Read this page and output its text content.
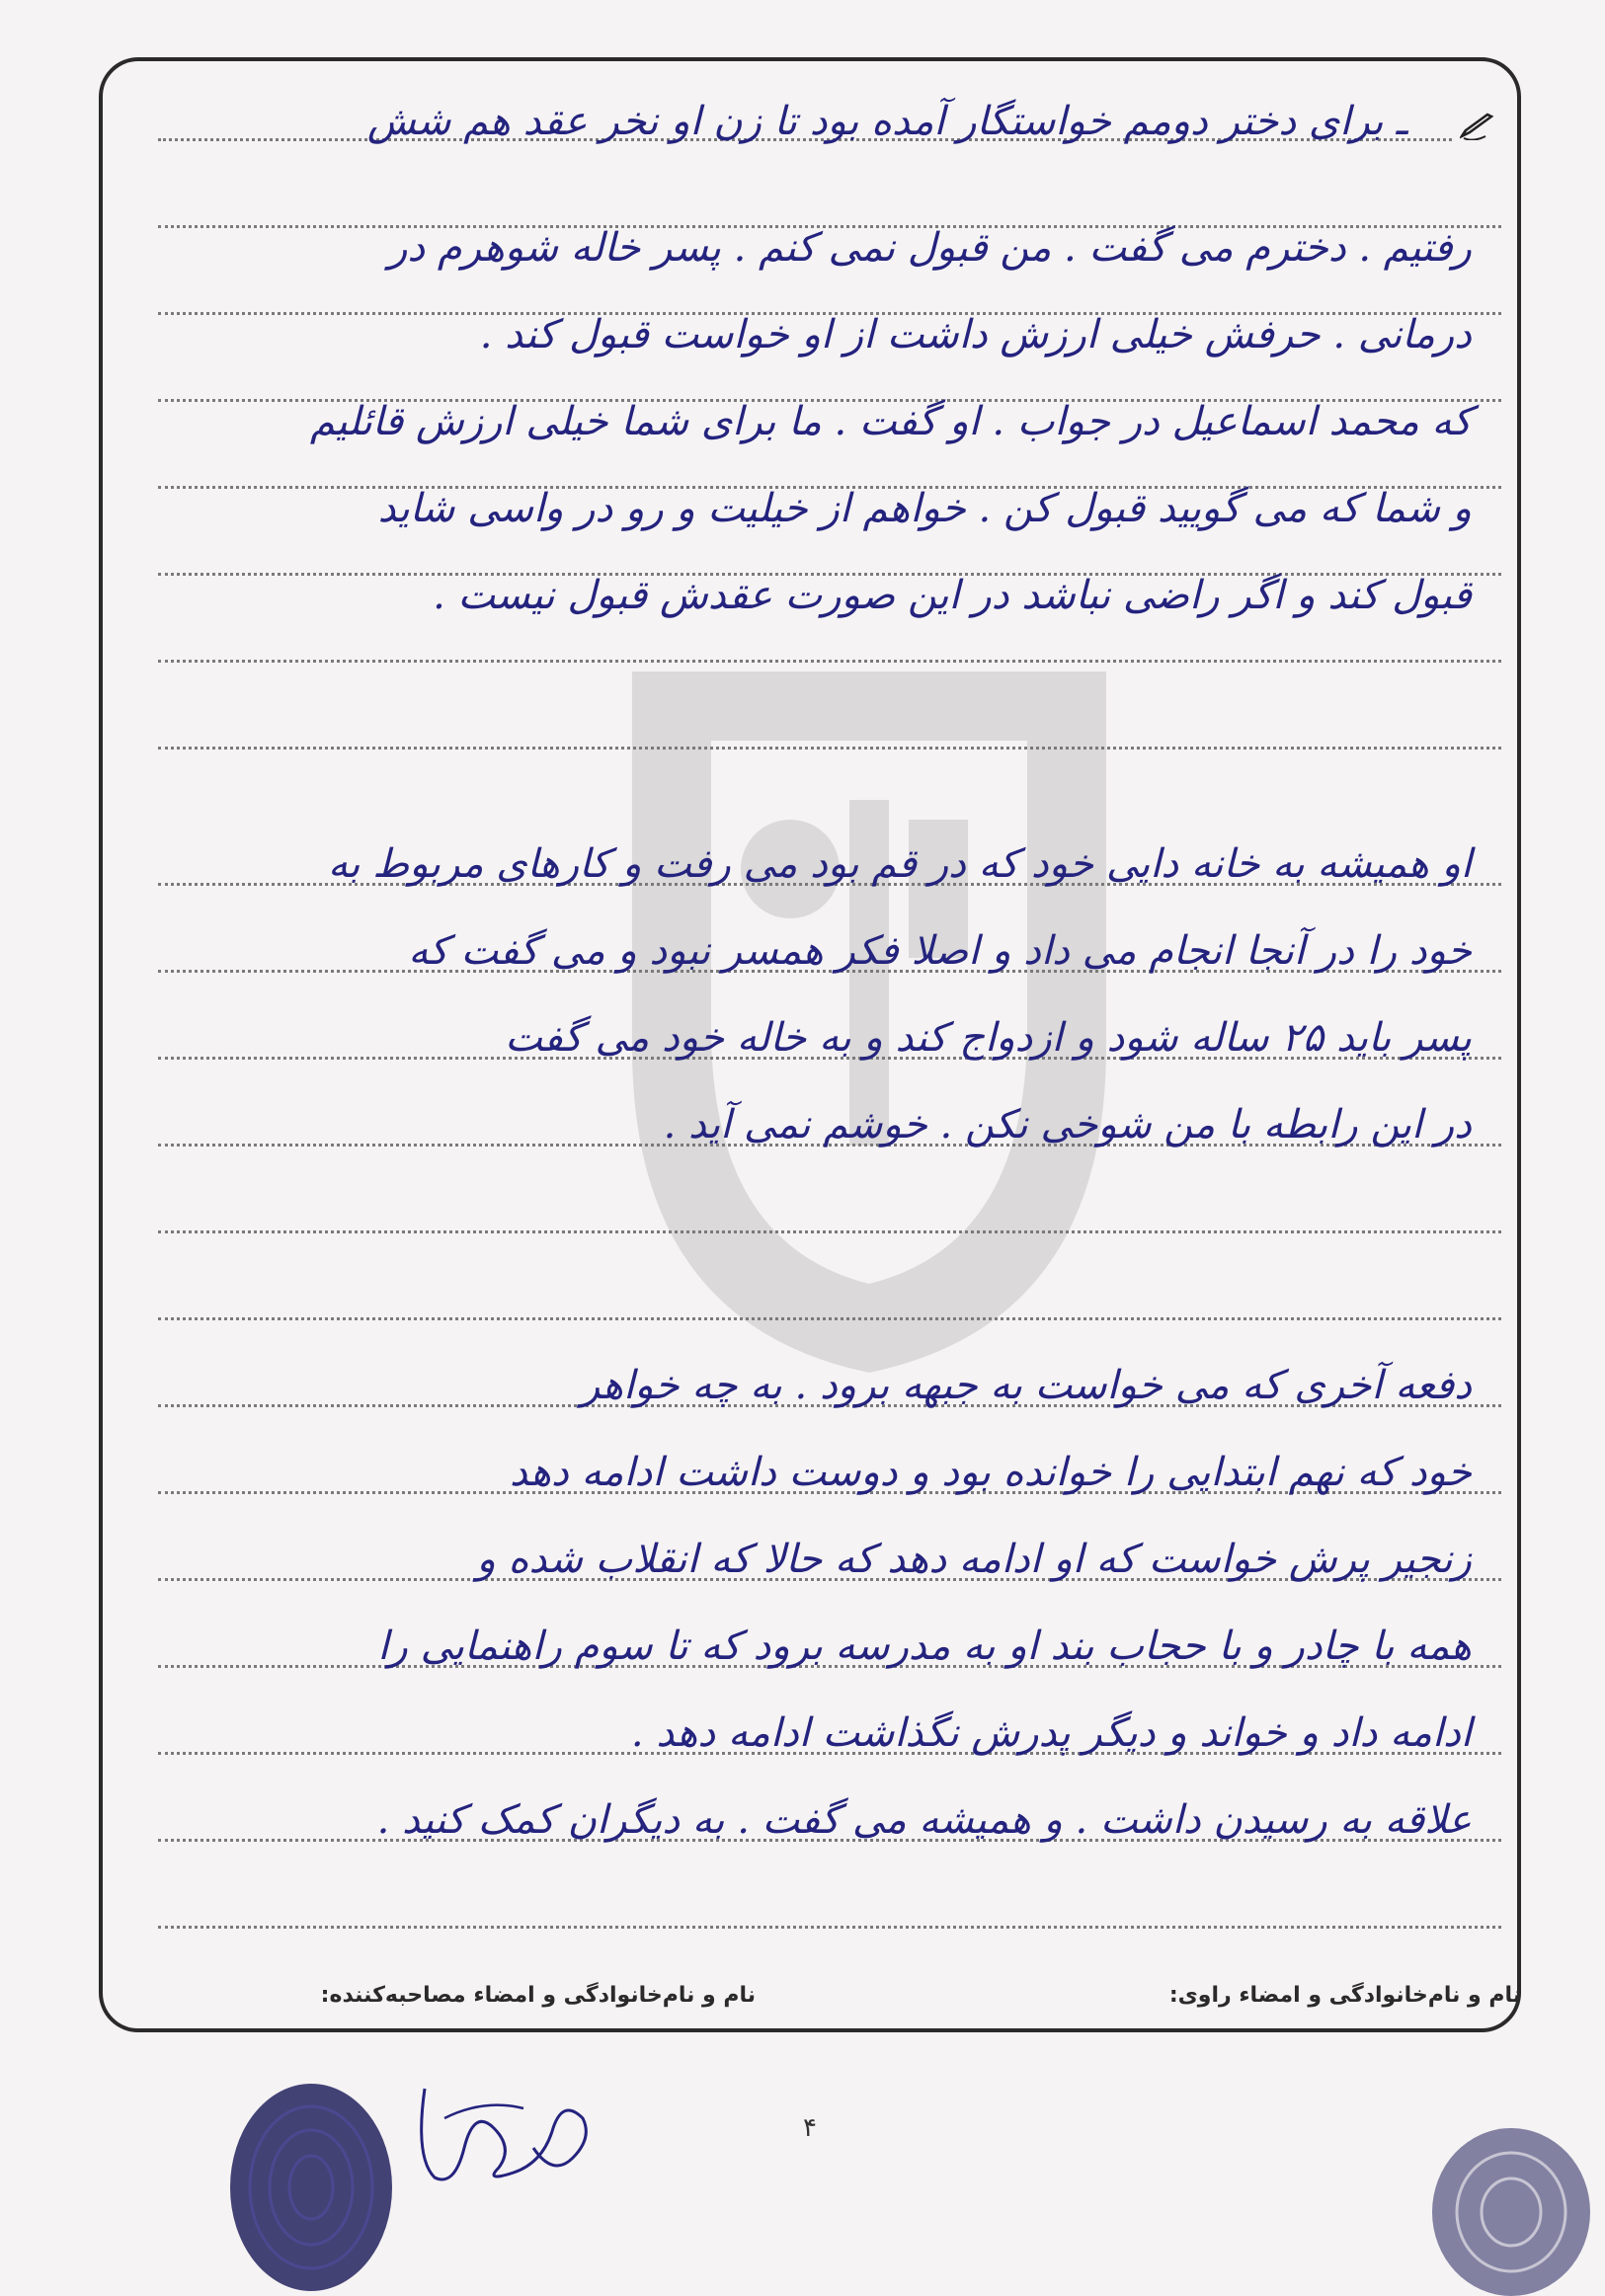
ـ برای دختر دومم خواستگار آمده بود تا زن او نخر عقد هم شش
رفتیم . دخترم می گفت . من قبول نمی کنم . پسر خاله شوهرم در
درمانی . حرفش خیلی ارزش داشت از او خواست قبول کند .
که محمد اسماعیل در جواب . او گفت . ما برای شما خیلی ارزش قائلیم
و شما که می گویید قبول کن . خواهم از خیلیت و رو در واسی شاید
قبول کند و اگر راضی نباشد در این صورت عقدش قبول نیست .
او همیشه به خانه دایی خود که در قم بود می رفت و کارهای مربوط به
خود را در آنجا انجام می داد و اصلا فکر همسر نبود و می گفت که
پسر باید ۲۵ ساله شود و ازدواج کند و به خاله خود می گفت
در این رابطه با من شوخی نکن . خوشم نمی آید .
دفعه آخری که می خواست به جبهه برود . به چه خواهر
خود که نهم ابتدایی را خوانده بود و دوست داشت ادامه دهد
زنجیر پرش خواست که او ادامه دهد که حالا که انقلاب شده و
همه با چادر و با حجاب بند او به مدرسه برود که تا سوم راهنمایی را
ادامه داد و خواند و دیگر پدرش نگذاشت ادامه دهد .
علاقه به رسیدن داشت . و همیشه می گفت . به دیگران کمک کنید .
نام و نام‌خانوادگی و امضاء مصاحبه‌کننده:	نام و نام‌خانوادگی و امضاء راوی:
۴
